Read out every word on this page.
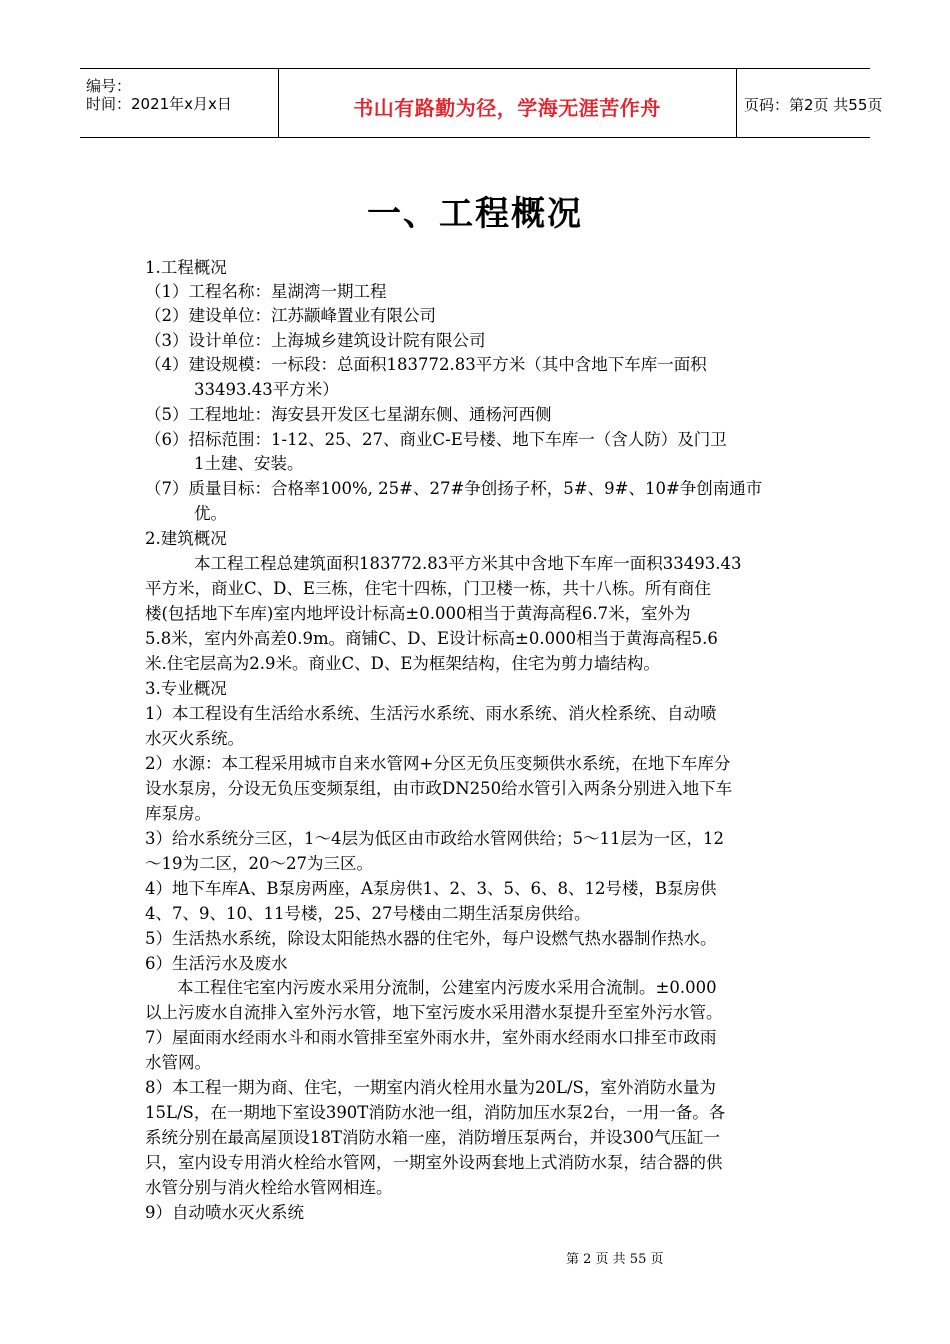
编号：
时间：2021年x月x日	书山有路勤为径，学海无涯苦作舟	页码：第2页 共55页
一、工程概况
1.工程概况
（1）工程名称：星湖湾一期工程
（2）建设单位：江苏颛峰置业有限公司
（3）设计单位：上海城乡建筑设计院有限公司
（4）建设规模：一标段：总面积183772.83平方米（其中含地下车库一面积
33493.43平方米）
（5）工程地址：海安县开发区七星湖东侧、通杨河西侧
（6）招标范围：1-12、25、27、商业C-E号楼、地下车库一（含人防）及门卫
1土建、安装。
（7）质量目标：合格率100%, 25#、27#争创扬子杯，5#、9#、10#争创南通市
优。
2.建筑概况
本工程工程总建筑面积183772.83平方米其中含地下车库一面积33493.43
平方米，商业C、D、E三栋，住宅十四栋，门卫楼一栋，共十八栋。所有商住
楼(包括地下车库)室内地坪设计标高±0.000相当于黄海高程6.7米，室外为
5.8米，室内外高差0.9m。商铺C、D、E设计标高±0.000相当于黄海高程5.6
米.住宅层高为2.9米。商业C、D、E为框架结构，住宅为剪力墙结构。
3.专业概况
1）本工程设有生活给水系统、生活污水系统、雨水系统、消火栓系统、自动喷
水灭火系统。
2）水源：本工程采用城市自来水管网+分区无负压变频供水系统，在地下车库分
设水泵房，分设无负压变频泵组，由市政DN250给水管引入两条分别进入地下车
库泵房。
3）给水系统分三区，1～4层为低区由市政给水管网供给；5～11层为一区，12
～19为二区，20～27为三区。
4）地下车库A、B泵房两座，A泵房供1、2、3、5、6、8、12号楼，B泵房供
4、7、9、10、11号楼，25、27号楼由二期生活泵房供给。
5）生活热水系统，除设太阳能热水器的住宅外，每户设燃气热水器制作热水。
6）生活污水及废水
本工程住宅室内污废水采用分流制，公建室内污废水采用合流制。±0.000
以上污废水自流排入室外污水管，地下室污废水采用潜水泵提升至室外污水管。
7）屋面雨水经雨水斗和雨水管排至室外雨水井，室外雨水经雨水口排至市政雨
水管网。
8）本工程一期为商、住宅，一期室内消火栓用水量为20L/S，室外消防水量为
15L/S，在一期地下室设390T消防水池一组，消防加压水泵2台，一用一备。各
系统分别在最高屋顶设18T消防水箱一座，消防增压泵两台，并设300气压缸一
只，室内设专用消火栓给水管网，一期室外设两套地上式消防水泵，结合器的供
水管分别与消火栓给水管网相连。
9）自动喷水灭火系统
第 2 页 共 55 页
